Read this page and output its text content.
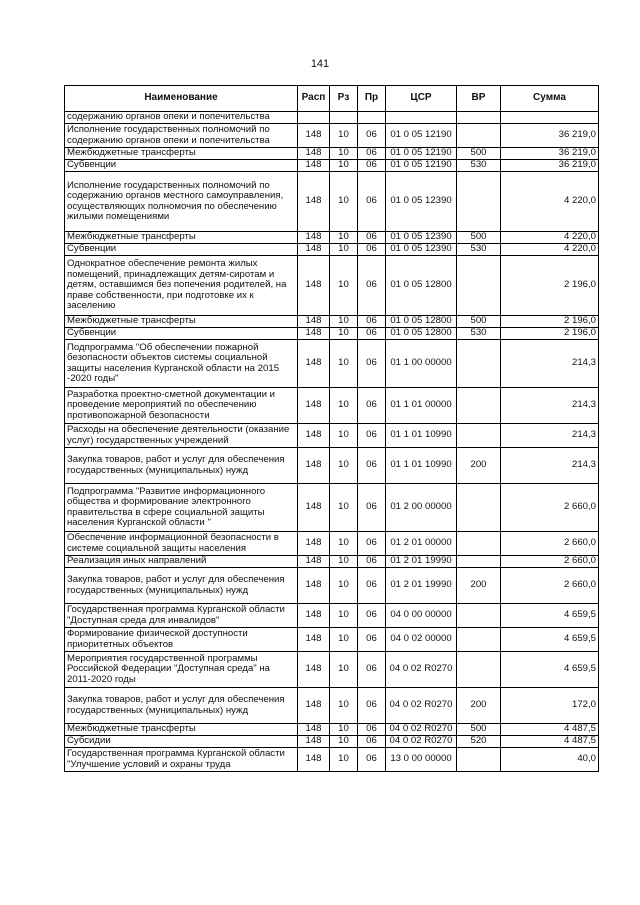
141
Наименование	Расп	Рз	Пр	ЦСР	ВР	Сумма
содержанию органов опеки и попечительства						
Исполнение государственных полномочий по содержанию органов опеки и попечительства	148	10	06	01 0 05 12190		36 219,0
Межбюджетные трансферты	148	10	06	01 0 05 12190	500	36 219,0
Субвенции	148	10	06	01 0 05 12190	530	36 219,0
Исполнение государственных полномочий по содержанию органов местного самоуправления, осуществляющих полномочия по обеспечению жилыми помещениями	148	10	06	01 0 05 12390		4 220,0
Межбюджетные трансферты	148	10	06	01 0 05 12390	500	4 220,0
Субвенции	148	10	06	01 0 05 12390	530	4 220,0
Однократное обеспечение ремонта жилых помещений, принадлежащих детям-сиротам и детям, оставшимся без попечения родителей, на праве собственности, при подготовке их к заселению	148	10	06	01 0 05 12800		2 196,0
Межбюджетные трансферты	148	10	06	01 0 05 12800	500	2 196,0
Субвенции	148	10	06	01 0 05 12800	530	2 196,0
Подпрограмма "Об обеспечении пожарной безопасности объектов системы социальной защиты населения Курганской области на 2015 -2020 годы"	148	10	06	01 1 00 00000		214,3
Разработка проектно-сметной документации и проведение мероприятий по обеспечению противопожарной безопасности	148	10	06	01 1 01 00000		214,3
Расходы на обеспечение деятельности (оказание услуг) государственных учреждений	148	10	06	01 1 01 10990		214,3
Закупка товаров, работ и услуг для обеспечения государственных (муниципальных) нужд	148	10	06	01 1 01 10990	200	214,3
Подпрограмма "Развитие информационного общества и формирование электронного правительства в сфере социальной защиты населения Курганской области "	148	10	06	01 2 00 00000		2 660,0
Обеспечение информационной безопасности в системе социальной защиты населения	148	10	06	01 2 01 00000		2 660,0
Реализация иных направлений	148	10	06	01 2 01 19990		2 660,0
Закупка товаров, работ и услуг для обеспечения государственных (муниципальных) нужд	148	10	06	01 2 01 19990	200	2 660,0
Государственная программа Курганской области "Доступная среда для инвалидов"	148	10	06	04 0 00 00000		4 659,5
Формирование физической доступности приоритетных объектов	148	10	06	04 0 02 00000		4 659,5
Мероприятия государственной программы Российской Федерации "Доступная среда" на 2011-2020 годы	148	10	06	04 0 02 R0270		4 659,5
Закупка товаров, работ и услуг для обеспечения государственных (муниципальных) нужд	148	10	06	04 0 02 R0270	200	172,0
Межбюджетные трансферты	148	10	06	04 0 02 R0270	500	4 487,5
Субсидии	148	10	06	04 0 02 R0270	520	4 487,5
Государственная программа Курганской области "Улучшение условий и охраны труда	148	10	06	13 0 00 00000		40,0
